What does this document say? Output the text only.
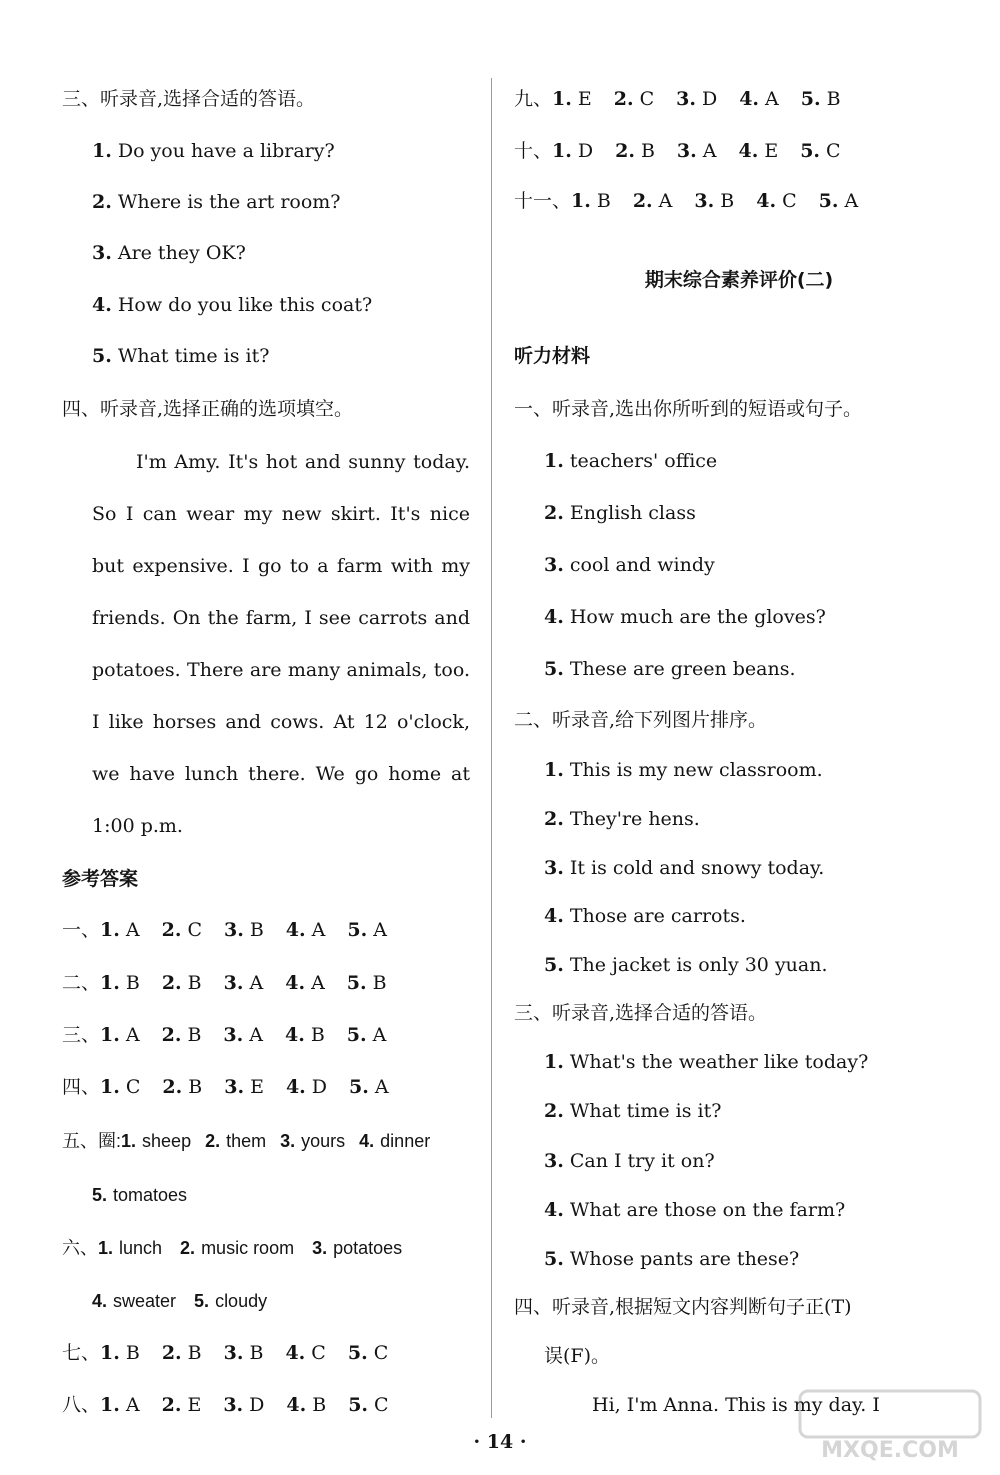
三、听录音,选择合适的答语。
1. Do you have a library?
2. Where is the art room?
3. Are they OK?
4. How do you like this coat?
5. What time is it?
四、听录音,选择正确的选项填空。
I'm Amy. It's hot and sunny today.
So I can wear my new skirt. It's nice
but expensive. I go to a farm with my
friends. On the farm, I see carrots and
potatoes. There are many animals, too.
I like horses and cows. At 12 o'clock,
we have lunch there. We go home at
1:00 p.m.
参考答案
一、1. A 2. C 3. B 4. A 5. A
二、1. B 2. B 3. A 4. A 5. B
三、1. A 2. B 3. A 4. B 5. A
四、1. C 2. B 3. E 4. D 5. A
五、圈:1. sheep 2. them 3. yours 4. dinner
5. tomatoes
六、1. lunch 2. music room 3. potatoes
4. sweater 5. cloudy
七、1. B 2. B 3. B 4. C 5. C
八、1. A 2. E 3. D 4. B 5. C
九、1. E 2. C 3. D 4. A 5. B
十、1. D 2. B 3. A 4. E 5. C
十一、1. B 2. A 3. B 4. C 5. A
期末综合素养评价(二)
听力材料
一、听录音,选出你所听到的短语或句子。
1. teachers' office
2. English class
3. cool and windy
4. How much are the gloves?
5. These are green beans.
二、听录音,给下列图片排序。
1. This is my new classroom.
2. They're hens.
3. It is cold and snowy today.
4. Those are carrots.
5. The jacket is only 30 yuan.
三、听录音,选择合适的答语。
1. What's the weather like today?
2. What time is it?
3. Can I try it on?
4. What are those on the farm?
5. Whose pants are these?
四、听录音,根据短文内容判断句子正(T)
误(F)。
Hi, I'm Anna. This is my day. I
· 14 ·	MXQE.COM
